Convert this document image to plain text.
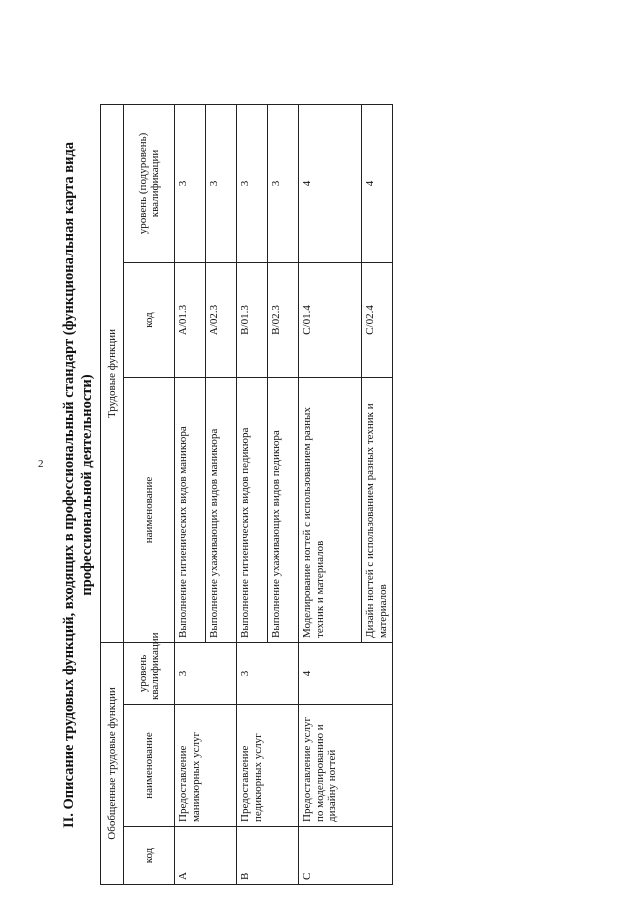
2 II. Описание трудовых функций, входящих в профессиональный стандарт (функциональная карта вида профессиональной деятельности)
Обобщенные трудовые функции			Трудовые функции		
код	наименование	уровень квалификации	наименование	код	уровень (подуровень) квалификации
A	Предоставление маникюрных услуг	3	Выполнение гигиенических видов маникюра	A/01.3	3
			Выполнение ухаживающих видов маникюра	A/02.3	3
B	Предоставление педикюрных услуг	3	Выполнение гигиенических видов педикюра	B/01.3	3
			Выполнение ухаживающих видов педикюра	B/02.3	3
C	Предоставление услуг по моделированию и дизайну ногтей	4	Моделирование ногтей с использованием разных техник и материалов	C/01.4	4
			Дизайн ногтей с использованием разных техник и материалов	C/02.4	4
